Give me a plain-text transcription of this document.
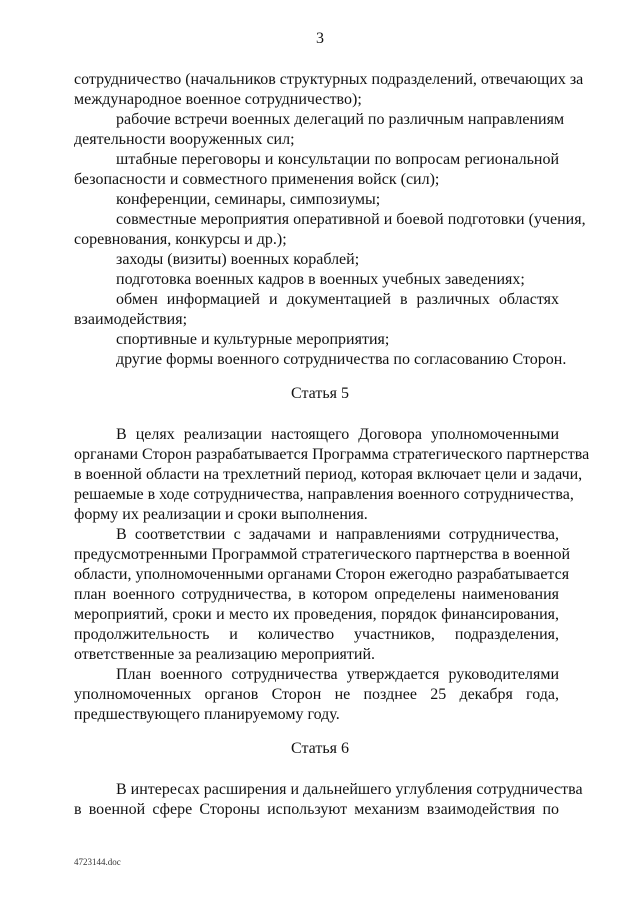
3
сотрудничество (начальников структурных подразделений, отвечающих за
международное военное сотрудничество);
рабочие встречи военных делегаций по различным направлениям
деятельности вооруженных сил;
штабные переговоры и консультации по вопросам региональной
безопасности и совместного применения войск (сил);
конференции, семинары, симпозиумы;
совместные мероприятия оперативной и боевой подготовки (учения,
соревнования, конкурсы и др.);
заходы (визиты) военных кораблей;
подготовка военных кадров в военных учебных заведениях;
обмен информацией и документацией в различных областях
взаимодействия;
спортивные и культурные мероприятия;
другие формы военного сотрудничества по согласованию Сторон.
Статья 5
В целях реализации настоящего Договора уполномоченными
органами Сторон разрабатывается Программа стратегического партнерства
в военной области на трехлетний период, которая включает цели и задачи,
решаемые в ходе сотрудничества, направления военного сотрудничества,
форму их реализации и сроки выполнения.
В соответствии с задачами и направлениями сотрудничества,
предусмотренными Программой стратегического партнерства в военной
области, уполномоченными органами Сторон ежегодно разрабатывается
план военного сотрудничества, в котором определены наименования
мероприятий, сроки и место их проведения, порядок финансирования,
продолжительность и количество участников, подразделения,
ответственные за реализацию мероприятий.
План военного сотрудничества утверждается руководителями
уполномоченных органов Сторон не позднее 25 декабря года,
предшествующего планируемому году.
Статья 6
В интересах расширения и дальнейшего углубления сотрудничества
в военной сфере Стороны используют механизм взаимодействия по
4723144.doc
